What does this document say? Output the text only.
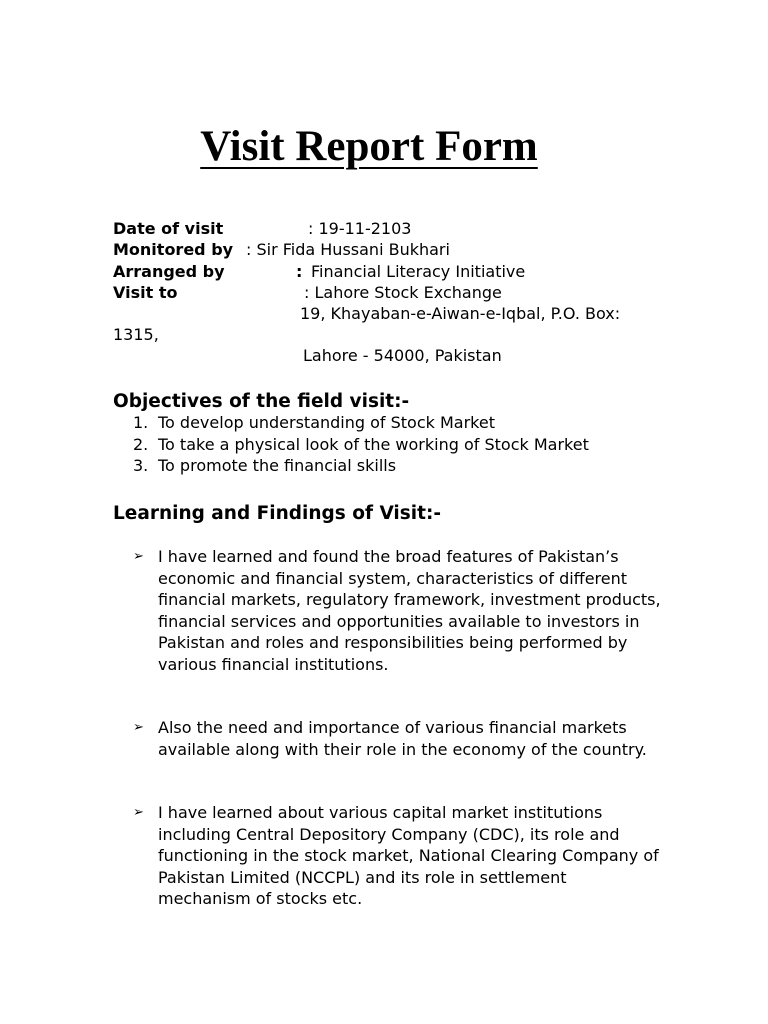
Visit Report Form
Date of visit	: 19-11-2103
Monitored by : Sir Fida Hussani Bukhari
Arranged by	: Financial Literacy Initiative
Visit to	: Lahore Stock Exchange
19, Khayaban-e-Aiwan-e-Iqbal, P.O. Box:
1315,
Lahore - 54000, Pakistan
Objectives of the field visit:-
1. To develop understanding of Stock Market
2. To take a physical look of the working of Stock Market
3. To promote the financial skills
Learning and Findings of Visit:-
➢ I have learned and found the broad features of Pakistan’s economic and financial system, characteristics of different financial markets, regulatory framework, investment products, financial services and opportunities available to investors in Pakistan and roles and responsibilities being performed by various financial institutions.
➢ Also the need and importance of various financial markets available along with their role in the economy of the country.
➢ I have learned about various capital market institutions including Central Depository Company (CDC), its role and functioning in the stock market, National Clearing Company of Pakistan Limited (NCCPL) and its role in settlement mechanism of stocks etc.
